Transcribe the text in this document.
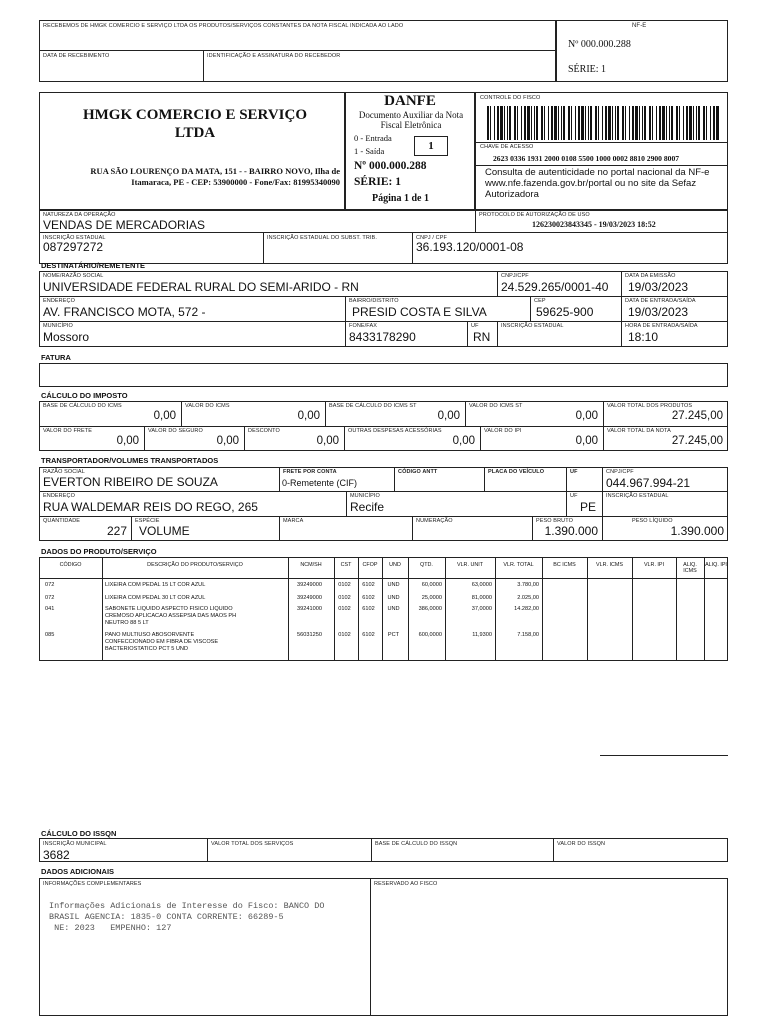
RECEBEMOS DE HMGK COMERCIO E SERVIÇO LTDA OS PRODUTOS/SERVIÇOS CONSTANTES DA NOTA FISCAL INDICADA AO LADO
DATA DE RECEBIMENTO	IDENTIFICAÇÃO E ASSINATURA DO RECEBEDOR
NF-E
Nº 000.000.288
SÉRIE: 1
HMGK COMERCIO E SERVIÇO LTDA
RUA SÃO LOURENÇO DA MATA, 151 - - BAIRRO NOVO, Ilha de Itamaraca, PE - CEP: 53900000 - Fone/Fax: 81995340090
DANFE
Documento Auxiliar da Nota Fiscal Eletrônica
0 - Entrada
1 - Saída	1
Nº 000.000.288
SÉRIE: 1
Página 1 de 1
CONTROLE DO FISCO
CHAVE DE ACESSO
2623 0336 1931 2000 0108 5500 1000 0002 8810 2900 8007
Consulta de autenticidade no portal nacional da NF-e www.nfe.fazenda.gov.br/portal ou no site da Sefaz Autorizadora
NATUREZA DA OPERAÇÃO
VENDAS DE MERCADORIAS
PROTOCOLO DE AUTORIZAÇÃO DE USO
126230023843345 - 19/03/2023 18:52
INSCRIÇÃO ESTADUAL
087297272
INSCRIÇÃO ESTADUAL DO SUBST. TRIB.	CNPJ / CPF
36.193.120/0001-08
DESTINATÁRIO/REMETENTE
NOME/RAZÃO SOCIAL
UNIVERSIDADE FEDERAL RURAL DO SEMI-ARIDO - RN
CNPJ/CPF
24.529.265/0001-40
DATA DA EMISSÃO
19/03/2023
ENDEREÇO
AV. FRANCISCO MOTA, 572 -
BAIRRO/DISTRITO
PRESID COSTA E SILVA
CEP
59625-900
DATA DE ENTRADA/SAÍDA
19/03/2023
MUNICÍPIO
Mossoro
FONE/FAX
8433178290
UF
RN
INSCRIÇÃO ESTADUAL	HORA DE ENTRADA/SAÍDA
18:10
FATURA
CÁLCULO DO IMPOSTO
TRANSPORTADOR/VOLUMES TRANSPORTADOS
RAZÃO SOCIAL
EVERTON RIBEIRO DE SOUZA
FRETE POR CONTA
0-Remetente (CIF)
CÓDIGO ANTT	PLACA DO VEÍCULO	UF	CNPJ/CPF
044.967.994-21
ENDEREÇO
RUA WALDEMAR REIS DO REGO, 265
MUNICÍPIO
Recife
UF
PE
INSCRIÇÃO ESTADUAL
QUANTIDADE
227
ESPÉCIE
VOLUME
MARCA	NUMERAÇÃO	PESO BRUTO
1.390.000
PESO LÍQUIDO
1.390.000
DADOS DO PRODUTO/SERVIÇO
CÁLCULO DO ISSQN
INSCRIÇÃO MUNICIPAL
3682
VALOR TOTAL DOS SERVIÇOS	BASE DE CÁLCULO DO ISSQN	VALOR DO ISSQN
DADOS ADICIONAIS
INFORMAÇÕES COMPLEMENTARES
Informações Adicionais de Interesse do Fisco: BANCO DO
BRASIL AGENCIA: 1835-0 CONTA CORRENTE: 66289-5
NE: 2023   EMPENHO: 127
RESERVADO AO FISCO
BASE DE CÁLCULO DO ICMS
0,00
VALOR DO ICMS
0,00
BASE DE CÁLCULO DO ICMS ST
0,00
VALOR DO ICMS ST
0,00
VALOR TOTAL DOS PRODUTOS
27.245,00
VALOR DO FRETE
0,00
VALOR DO SEGURO
0,00
DESCONTO
0,00
OUTRAS DESPESAS ACESSÓRIAS
0,00
VALOR DO IPI
0,00
VALOR TOTAL DA NOTA
27.245,00
CÓDIGO	DESCRIÇÃO DO PRODUTO/SERVIÇO	NCM/SH	CST	CFOP	UND	QTD.	VLR. UNIT	VLR. TOTAL	BC ICMS	VLR. ICMS	VLR. IPI	ALIQ. ICMS
ALIQ. IPI
072	LIXEIRA COM PEDAL 15 LT COR AZUL	39249000	0102	6102	UND	60,0000	63,0000	3.780,00
072	LIXEIRA COM PEDAL 30 LT COR AZUL	39249000	0102	6102	UND	25,0000	81,0000	2.025,00
041	SABONETE LIQUIDO ASPECTO FISICO LIQUIDO
CREMOSO APLICACAO ASSEPSIA DAS MAOS PH
NEUTRO 88 5 LT
39241000	0102	6102	UND	386,0000	37,0000	14.282,00
085	PANO MULTIUSO ABOSORVENTE
CONFECCIONADO EM FIBRA DE VISCOSE
BACTERIOSTATICO PCT 5 UND
56031250	0102	6102	PCT	600,0000	11,9300	7.158,00
